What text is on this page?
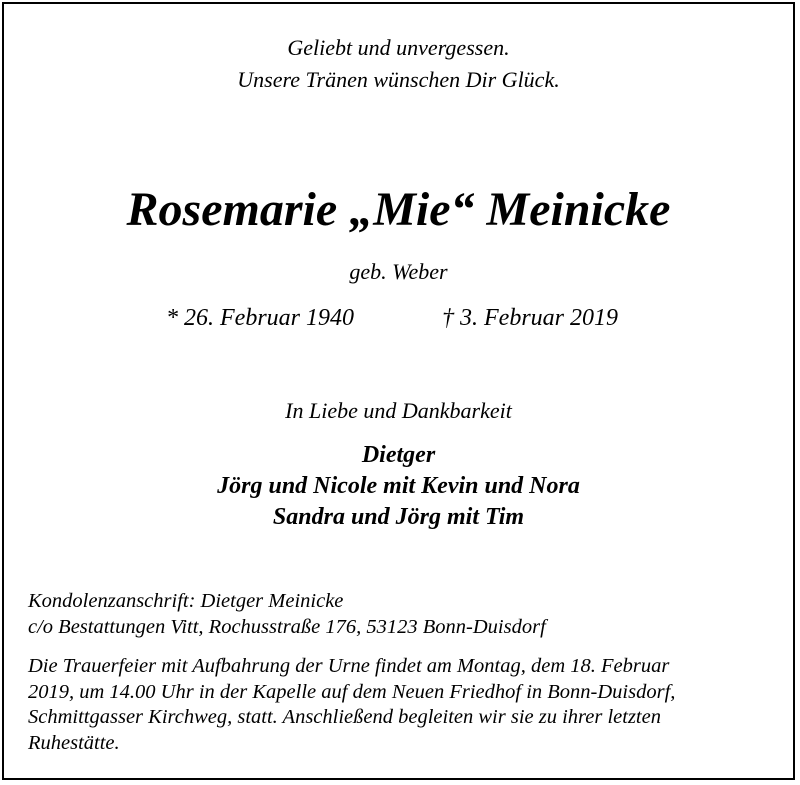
Geliebt und unvergessen.
Unsere Tränen wünschen Dir Glück.
Rosemarie „Mie“ Meinicke
geb. Weber
* 26. Februar 1940	† 3. Februar 2019
In Liebe und Dankbarkeit
Dietger
Jörg und Nicole mit Kevin und Nora
Sandra und Jörg mit Tim
Kondolenzanschrift: Dietger Meinicke
c/o Bestattungen Vitt, Rochusstraße 176, 53123 Bonn-Duisdorf
Die Trauerfeier mit Aufbahrung der Urne findet am Montag, dem 18. Februar
2019, um 14.00 Uhr in der Kapelle auf dem Neuen Friedhof in Bonn-Duisdorf,
Schmittgasser Kirchweg, statt. Anschließend begleiten wir sie zu ihrer letzten
Ruhestätte.
